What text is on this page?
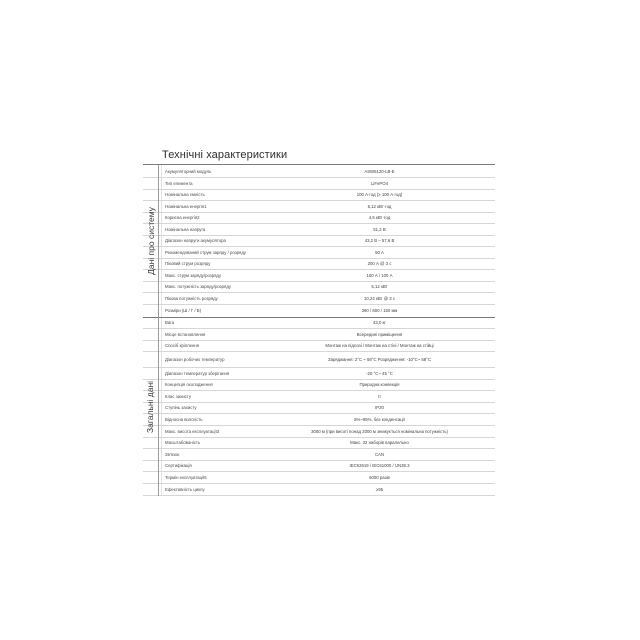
Технічні характеристики
Акумуляторний модуль	ASW5120-LB-E
Тип елемента	LiFePO4
Номінальна ємність	100 А·год (≥ 100 А·год)
Номінальна енергія1	5,12 кВт·год
Корисна енергія2	4,6 кВт·год
Номінальна напруга	51,2 В
Діапазон напруги акумулятора	43,2 В – 57,6 В
Рекомендований струм заряду / розряду	50 А
Піковий струм розряду	200 А @ 3 с
Макс. струм заряду/розряду	100 А / 100 А
Макс. потужність заряду/розряду	5,12 кВт
Пікова потужність розряду	10,24 кВт @ 3 с
Розміри (Ш / Г / В)	390 / 600 / 150 мм
Вага	43,0 кг
Місце встановлення	Всередині приміщення
Спосіб кріплення	Монтаж на підлозі / Монтаж на стіні / Монтаж на стійці
Діапазон робочих температур	Заряджання: 2°C ~ 58°C Розрядження: -10°C~ 58°C
Діапазон температур зберігання	-20 °C~ 45 °C
Концепція охолодження	Природна конвекція
Клас захисту	II
Ступінь захисту	IP20
Відносна вологість	5%~95%, без конденсації
Макс. висота експлуатації3	3000 м (при висоті понад 2000 м знижується номінальна потужність)
Масштабованість	Макс. 32 наборів паралельно
Зв'язок	CAN
Сертифікація	IEC62619 / IEC61000 / UN38.3
Термін експлуатації5	6000 разів
Ефективність циклу	≥95
Дані про систему
Загальні дані
